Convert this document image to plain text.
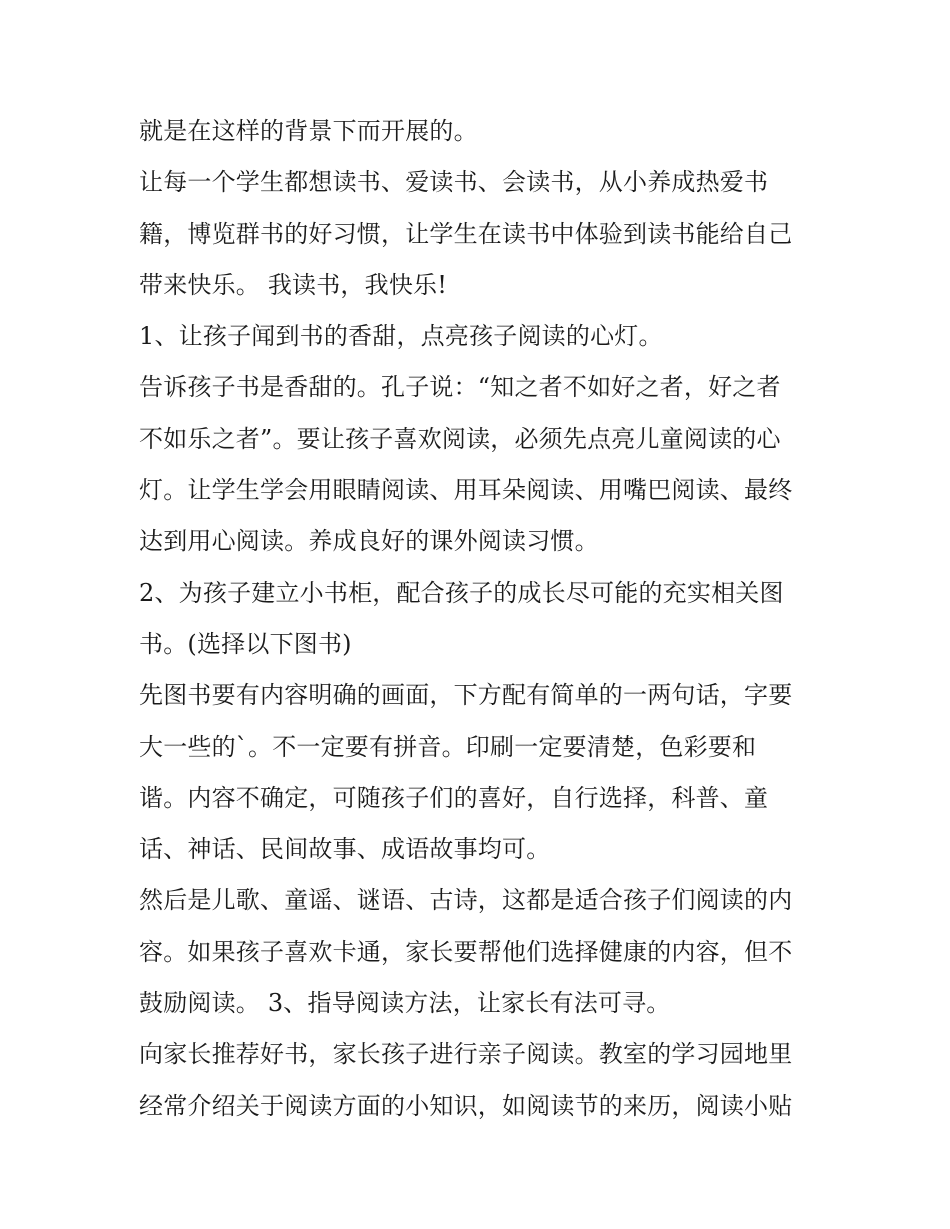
就是在这样的背景下而开展的。
让每一个学生都想读书、爱读书、会读书，从小养成热爱书
籍，博览群书的好习惯，让学生在读书中体验到读书能给自己
带来快乐。 我读书，我快乐!
1、让孩子闻到书的香甜，点亮孩子阅读的心灯。
告诉孩子书是香甜的。孔子说：“知之者不如好之者，好之者
不如乐之者”。要让孩子喜欢阅读，必须先点亮儿童阅读的心
灯。让学生学会用眼睛阅读、用耳朵阅读、用嘴巴阅读、最终
达到用心阅读。养成良好的课外阅读习惯。
2、为孩子建立小书柜，配合孩子的成长尽可能的充实相关图
书。(选择以下图书)
先图书要有内容明确的画面，下方配有简单的一两句话，字要
大一些的`。不一定要有拼音。印刷一定要清楚，色彩要和
谐。内容不确定，可随孩子们的喜好，自行选择，科普、童
话、神话、民间故事、成语故事均可。
然后是儿歌、童谣、谜语、古诗，这都是适合孩子们阅读的内
容。如果孩子喜欢卡通，家长要帮他们选择健康的内容，但不
鼓励阅读。 3、指导阅读方法，让家长有法可寻。
向家长推荐好书，家长孩子进行亲子阅读。教室的学习园地里
经常介绍关于阅读方面的小知识，如阅读节的来历，阅读小贴
